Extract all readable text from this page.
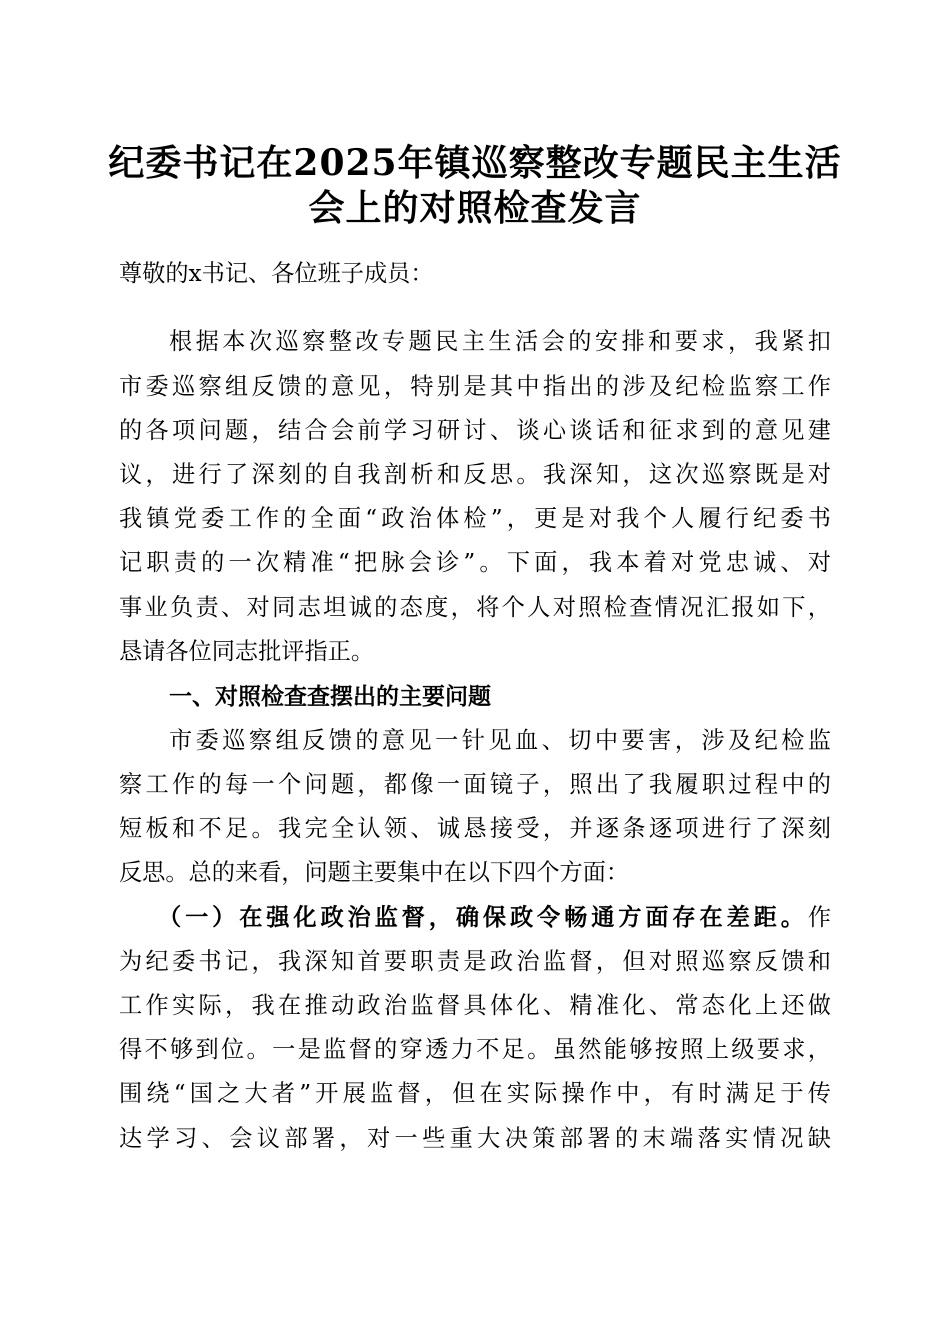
纪委书记在2025年镇巡察整改专题民主生活
会上的对照检查发言
尊敬的x书记、各位班子成员：
根据本次巡察整改专题民主生活会的安排和要求，我紧扣
市委巡察组反馈的意见，特别是其中指出的涉及纪检监察工作
的各项问题，结合会前学习研讨、谈心谈话和征求到的意见建
议，进行了深刻的自我剖析和反思。我深知，这次巡察既是对
我镇党委工作的全面“政治体检”，更是对我个人履行纪委书
记职责的一次精准“把脉会诊”。下面，我本着对党忠诚、对
事业负责、对同志坦诚的态度，将个人对照检查情况汇报如下，
恳请各位同志批评指正。
一、对照检查查摆出的主要问题
市委巡察组反馈的意见一针见血、切中要害，涉及纪检监
察工作的每一个问题，都像一面镜子，照出了我履职过程中的
短板和不足。我完全认领、诚恳接受，并逐条逐项进行了深刻
反思。总的来看，问题主要集中在以下四个方面：
（一）在强化政治监督，确保政令畅通方面存在差距。作
为纪委书记，我深知首要职责是政治监督，但对照巡察反馈和
工作实际，我在推动政治监督具体化、精准化、常态化上还做
得不够到位。一是监督的穿透力不足。虽然能够按照上级要求，
围绕“国之大者”开展监督，但在实际操作中，有时满足于传
达学习、会议部署，对一些重大决策部署的末端落实情况缺
